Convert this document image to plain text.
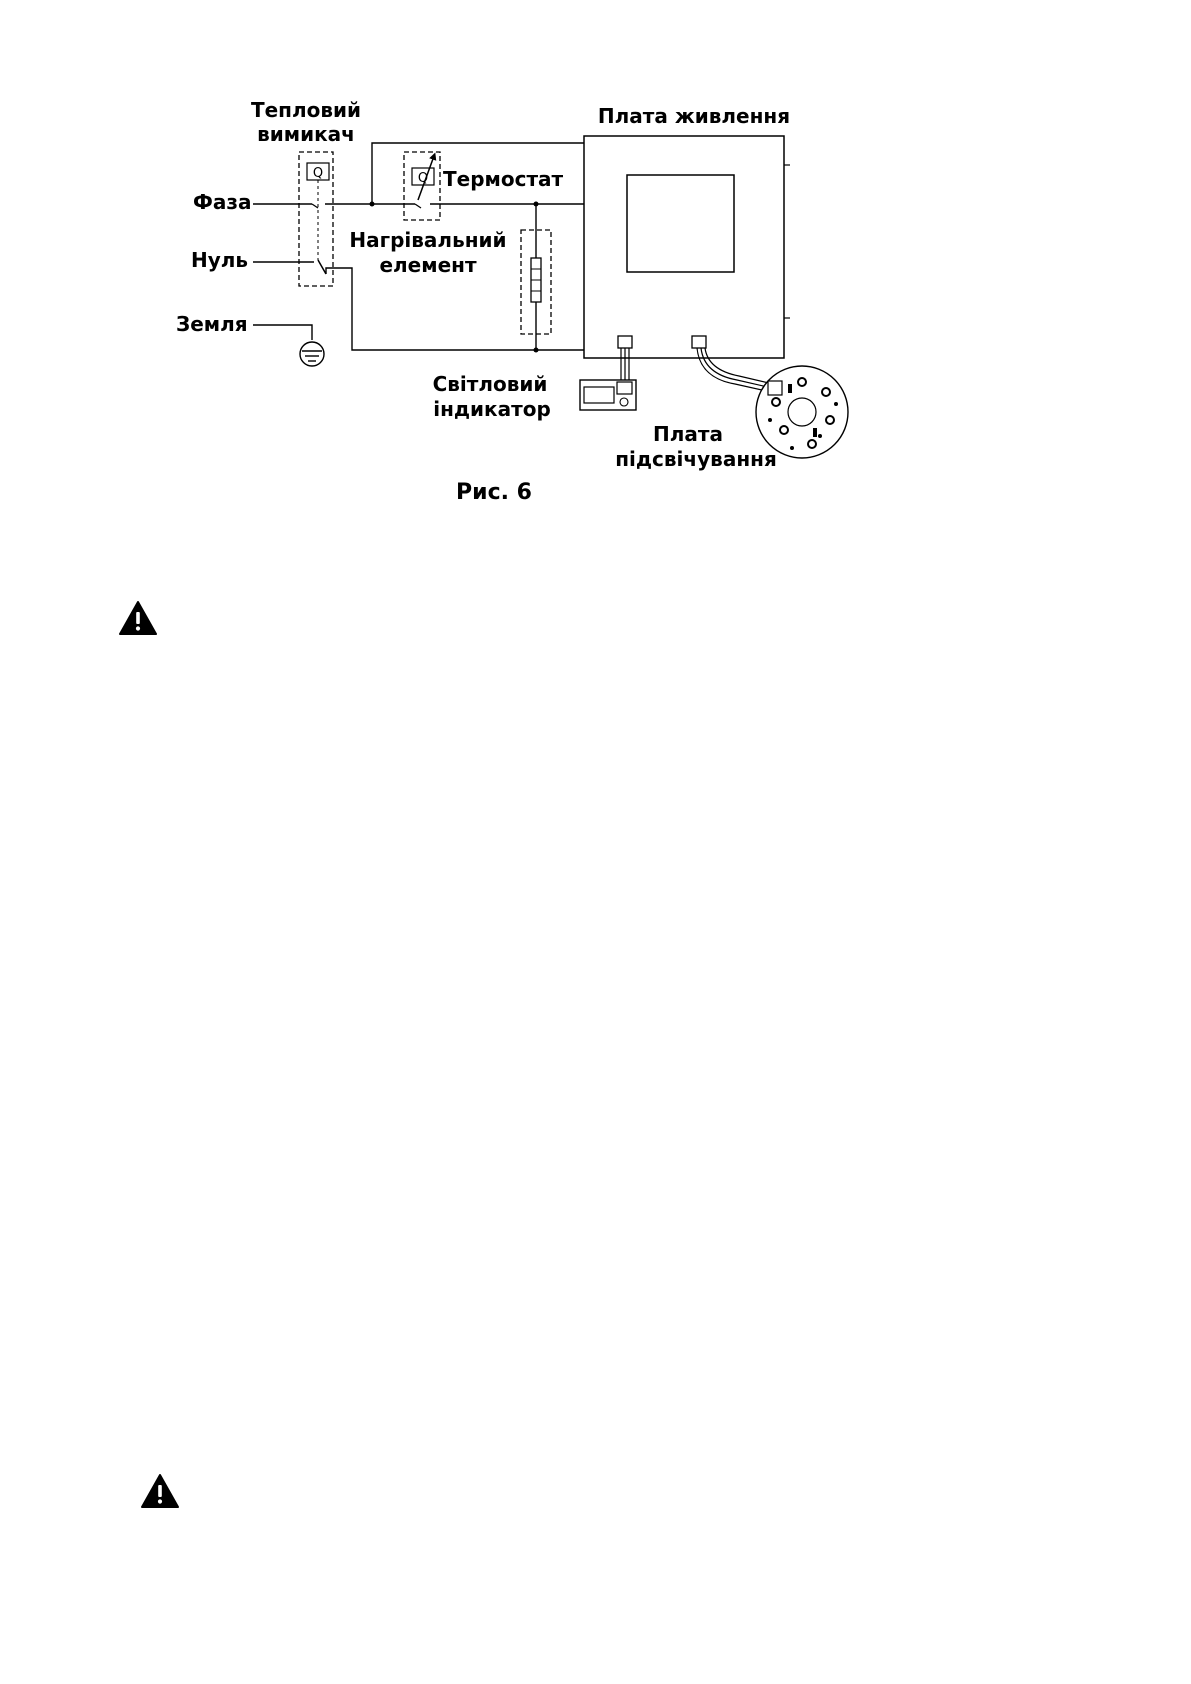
Q	Q
Тепловий
вимикач
Плата живлення
Термостат
Фаза
Нагрівальний
елемент
Нуль
Земля
Світловий
індикатор
Плата
підсвічування
Рис. 6
